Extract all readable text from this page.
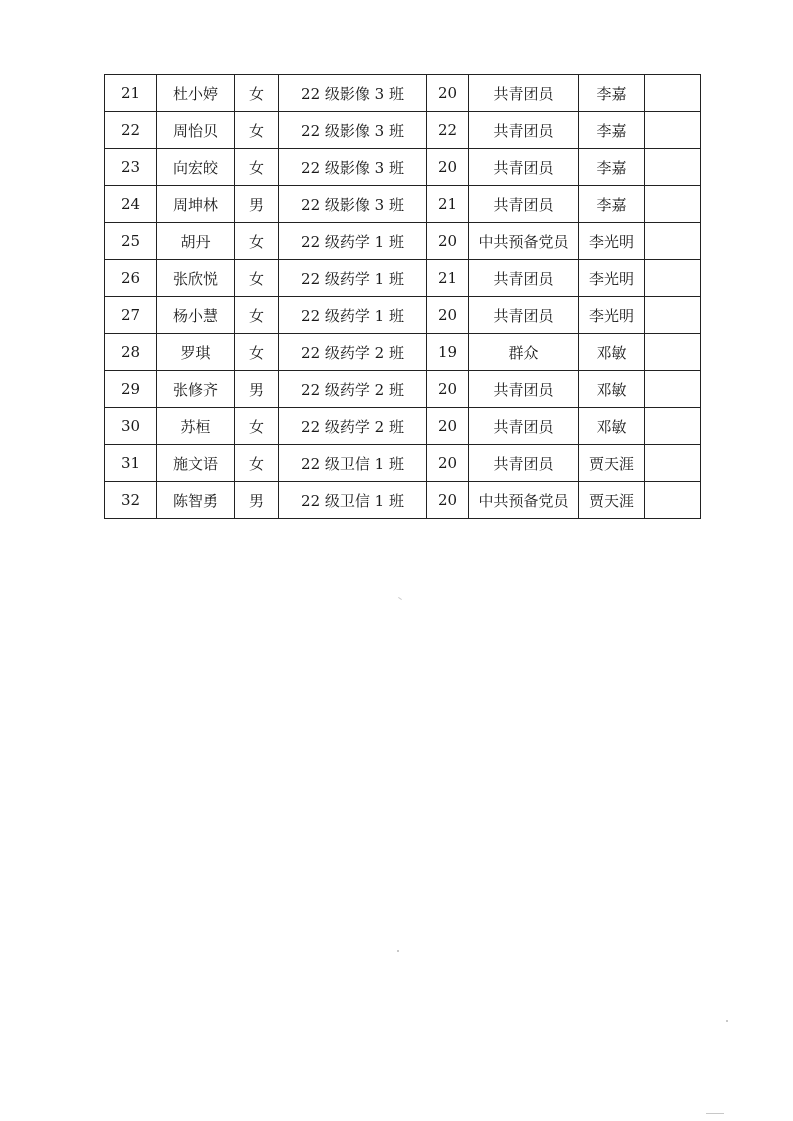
21	杜小婷	女	22 级影像 3 班	20	共青团员	李嘉	
22	周怡贝	女	22 级影像 3 班	22	共青团员	李嘉	
23	向宏皎	女	22 级影像 3 班	20	共青团员	李嘉	
24	周坤林	男	22 级影像 3 班	21	共青团员	李嘉	
25	胡丹	女	22 级药学 1 班	20	中共预备党员	李光明	
26	张欣悦	女	22 级药学 1 班	21	共青团员	李光明	
27	杨小慧	女	22 级药学 1 班	20	共青团员	李光明	
28	罗琪	女	22 级药学 2 班	19	群众	邓敏	
29	张修齐	男	22 级药学 2 班	20	共青团员	邓敏	
30	苏桓	女	22 级药学 2 班	20	共青团员	邓敏	
31	施文语	女	22 级卫信 1 班	20	共青团员	贾天涯	
32	陈智勇	男	22 级卫信 1 班	20	中共预备党员	贾天涯	
